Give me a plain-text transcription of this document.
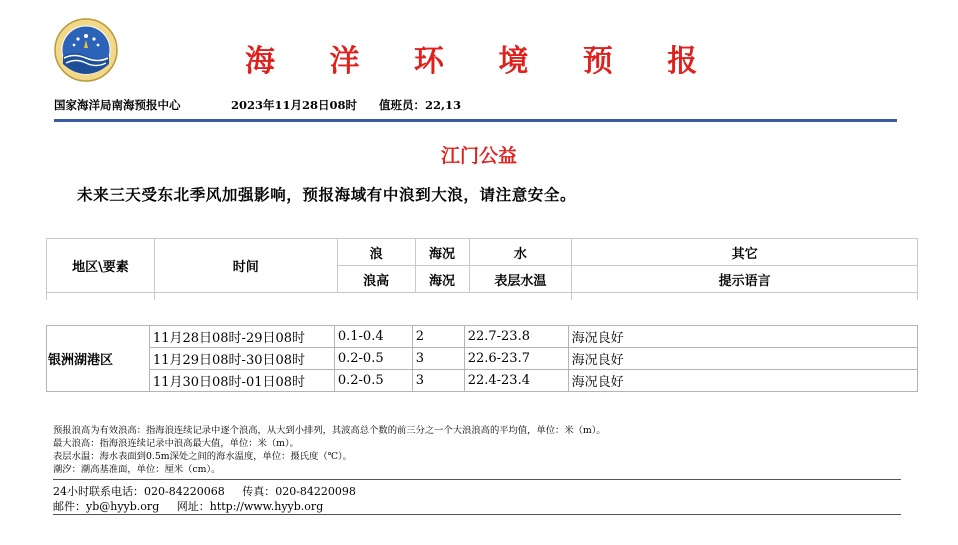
海 洋 环 境 预 报
国家海洋局南海预报中心	2023年11月28日08时 值班员：22,13
江门公益
未来三天受东北季风加强影响，预报海域有中浪到大浪，请注意安全。
地区\要素	时间	浪	海况	水	其它
		浪高	海况	表层水温	提示语言
银洲湖港区	11月28日08时-29日08时	0.1-0.4	2	22.7-23.8	海况良好
	11月29日08时-30日08时	0.2-0.5	3	22.6-23.7	海况良好
	11月30日08时-01日08时	0.2-0.5	3	22.4-23.4	海况良好
预报浪高为有效浪高：指海浪连续记录中逐个浪高，从大到小排列，其波高总个数的前三分之一个大浪浪高的平均值，单位：米（m）。
最大浪高：指海浪连续记录中浪高最大值，单位：米（m）。
表层水温：海水表面到0.5m深处之间的海水温度，单位：摄氏度（℃）。
潮汐：潮高基准面，单位：厘米（cm）。
24小时联系电话：020-84220068 传真：020-84220098
邮件：yb@hyyb.org 网址：http://www.hyyb.org
